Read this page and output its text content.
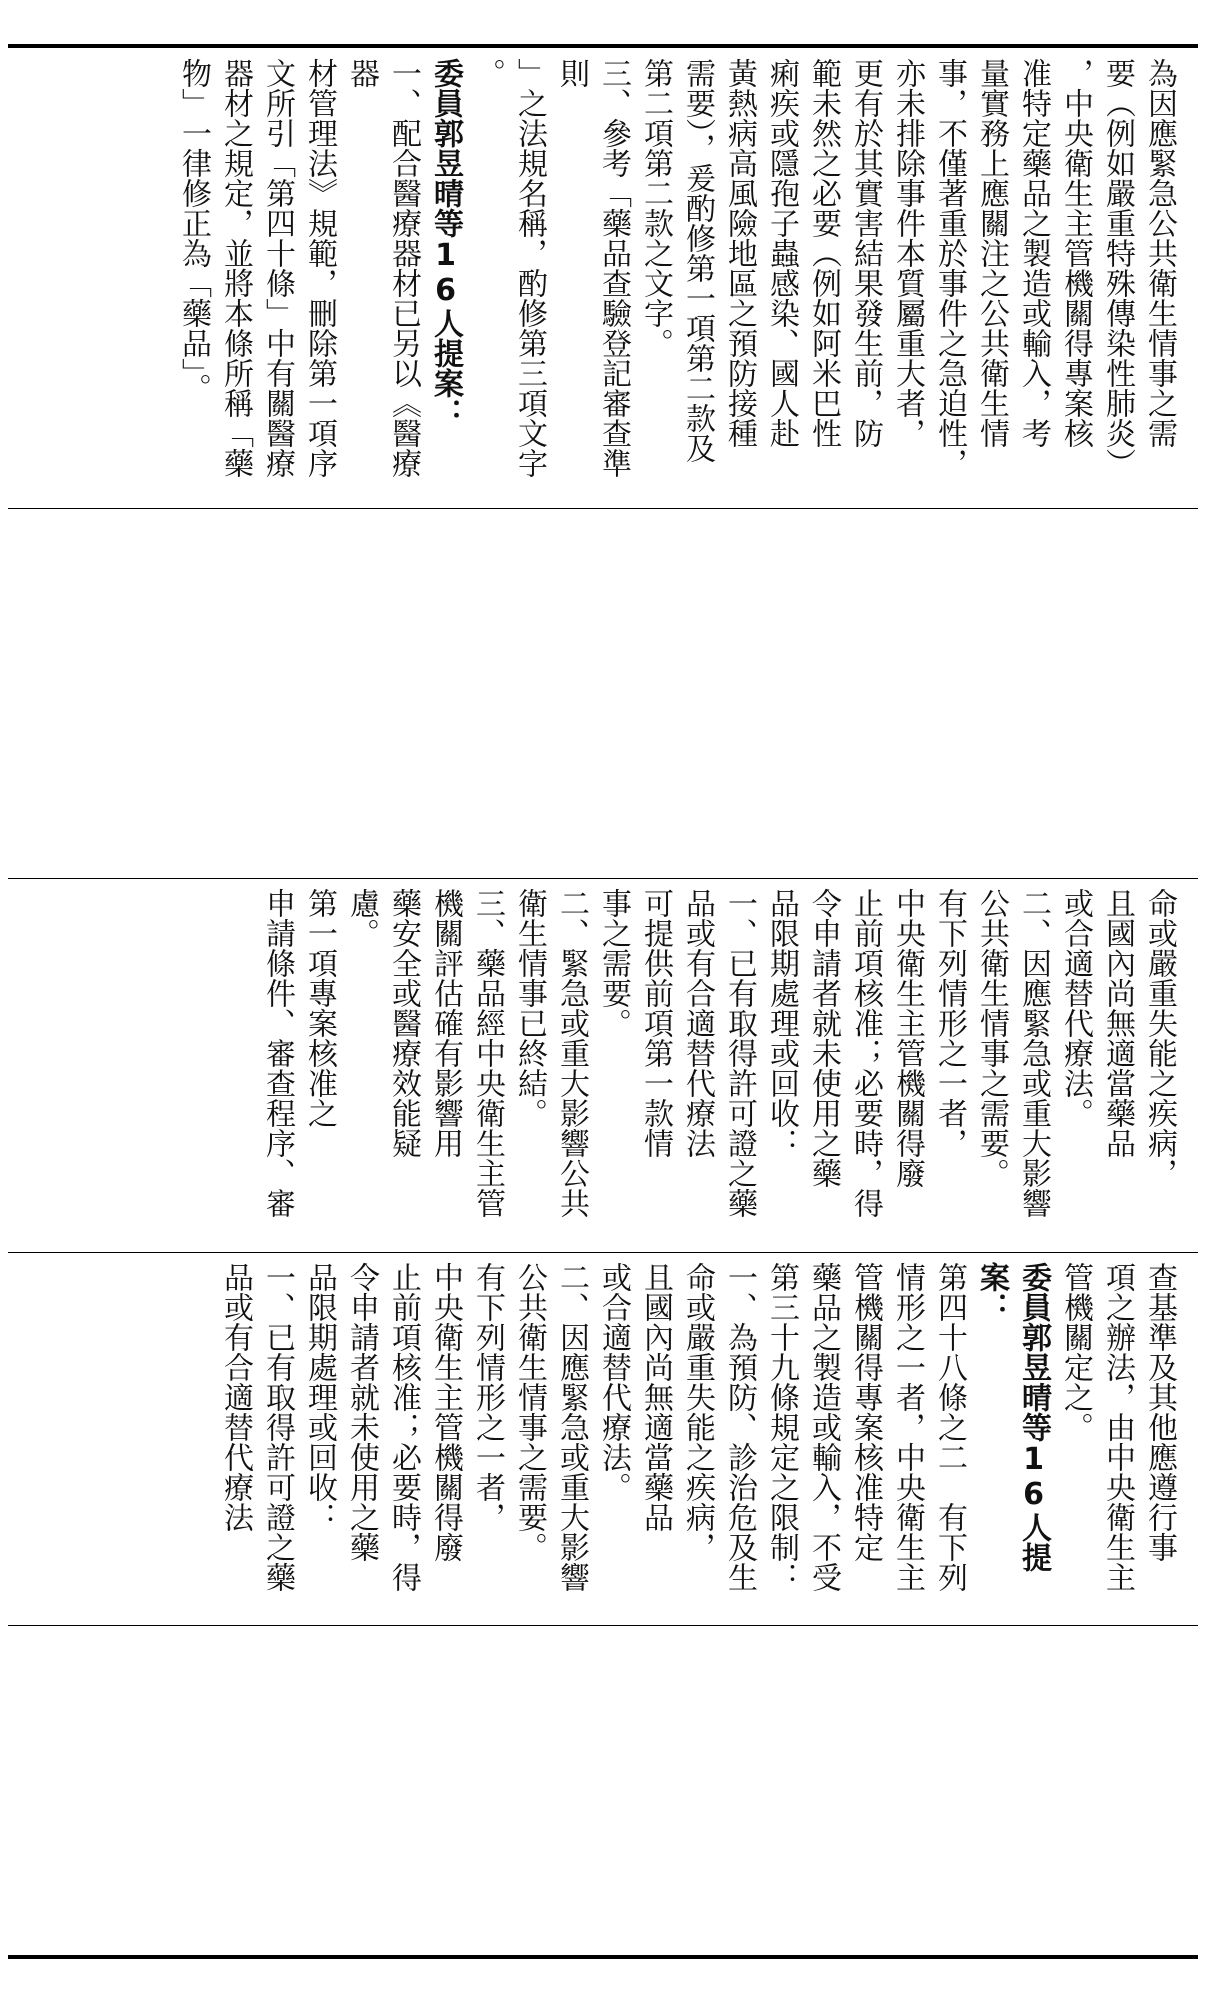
為因應緊急公共衛生情事之需

要（例如嚴重特殊傳染性肺炎）

，中央衛生主管機關得專案核

准特定藥品之製造或輸入，考

量實務上應關注之公共衛生情

事，不僅著重於事件之急迫性，

亦未排除事件本質屬重大者，

更有於其實害結果發生前，防

範未然之必要（例如阿米巴性

痢疾或隱孢子蟲感染、國人赴

黃熱病高風險地區之預防接種

需要），爰酌修第一項第二款及

第二項第二款之文字。

三、參考「藥品查驗登記審查準則

」之法規名稱，酌修第三項文字

。

委員郭昱晴等16人提案：

一、配合醫療器材已另以《醫療器

材管理法》規範，刪除第一項序

文所引「第四十條」中有關醫療

器材之規定，並將本條所稱「藥

物」一律修正為「藥品」。

命或嚴重失能之疾病，

且國內尚無適當藥品

或合適替代療法。

二、因應緊急或重大影響

公共衛生情事之需要。

有下列情形之一者，

中央衛生主管機關得廢

止前項核准；必要時，得

令申請者就未使用之藥

品限期處理或回收：

一、已有取得許可證之藥

品或有合適替代療法

可提供前項第一款情

事之需要。

二、緊急或重大影響公共

衛生情事已終結。

三、藥品經中央衛生主管

機關評估確有影響用

藥安全或醫療效能疑

慮。

第一項專案核准之

申請條件、審查程序、審

查基準及其他應遵行事

項之辦法，由中央衛生主

管機關定之。

委員郭昱晴等16人提案：

第四十八條之二　有下列

情形之一者，中央衛生主

管機關得專案核准特定

藥品之製造或輸入，不受

第三十九條規定之限制：

一、為預防、診治危及生

命或嚴重失能之疾病，

且國內尚無適當藥品

或合適替代療法。

二、因應緊急或重大影響

公共衛生情事之需要。

有下列情形之一者，

中央衛生主管機關得廢

止前項核准；必要時，得

令申請者就未使用之藥

品限期處理或回收：

一、已有取得許可證之藥

品或有合適替代療法
